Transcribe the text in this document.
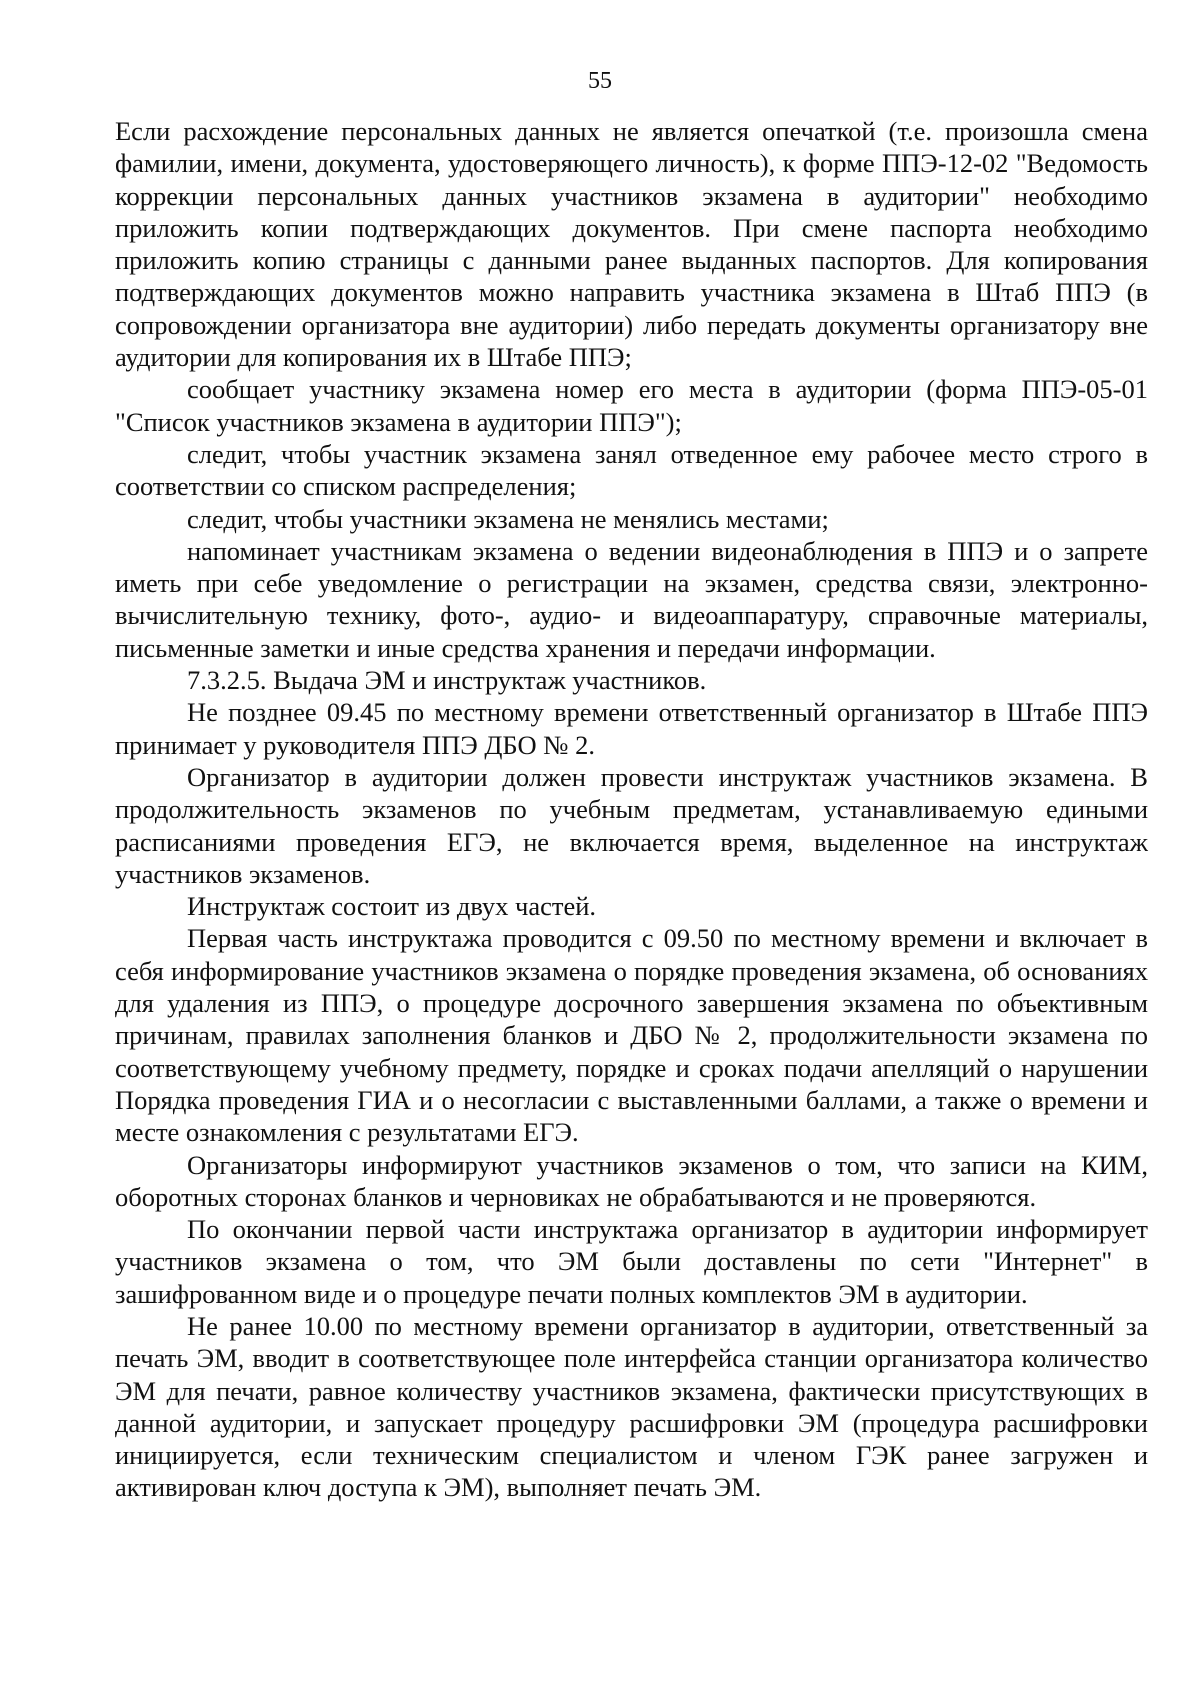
55

Если расхождение персональных данных не является опечаткой (т.е. произошла смена фамилии, имени, документа, удостоверяющего личность), к форме ППЭ-12-02 "Ведомость коррекции персональных данных участников экзамена в аудитории" необходимо приложить копии подтверждающих документов. При смене паспорта необходимо приложить копию страницы с данными ранее выданных паспортов. Для копирования подтверждающих документов можно направить участника экзамена в Штаб ППЭ (в сопровождении организатора вне аудитории) либо передать документы организатору вне аудитории для копирования их в Штабе ППЭ;

сообщает участнику экзамена номер его места в аудитории (форма ППЭ-05-01 "Список участников экзамена в аудитории ППЭ");

следит, чтобы участник экзамена занял отведенное ему рабочее место строго в соответствии со списком распределения;

следит, чтобы участники экзамена не менялись местами;

напоминает участникам экзамена о ведении видеонаблюдения в ППЭ и о запрете иметь при себе уведомление о регистрации на экзамен, средства связи, электронно-вычислительную технику, фото-, аудио- и видеоаппаратуру, справочные материалы, письменные заметки и иные средства хранения и передачи информации.

7.3.2.5. Выдача ЭМ и инструктаж участников.

Не позднее 09.45 по местному времени ответственный организатор в Штабе ППЭ принимает у руководителя ППЭ ДБО № 2.

Организатор в аудитории должен провести инструктаж участников экзамена. В продолжительность экзаменов по учебным предметам, устанавливаемую едиными расписаниями проведения ЕГЭ, не включается время, выделенное на инструктаж участников экзаменов.

Инструктаж состоит из двух частей.

Первая часть инструктажа проводится с 09.50 по местному времени и включает в себя информирование участников экзамена о порядке проведения экзамена, об основаниях для удаления из ППЭ, о процедуре досрочного завершения экзамена по объективным причинам, правилах заполнения бланков и ДБО № 2, продолжительности экзамена по соответствующему учебному предмету, порядке и сроках подачи апелляций о нарушении Порядка проведения ГИА и о несогласии с выставленными баллами, а также о времени и месте ознакомления с результатами ЕГЭ.

Организаторы информируют участников экзаменов о том, что записи на КИМ, оборотных сторонах бланков и черновиках не обрабатываются и не проверяются.

По окончании первой части инструктажа организатор в аудитории информирует участников экзамена о том, что ЭМ были доставлены по сети "Интернет" в зашифрованном виде и о процедуре печати полных комплектов ЭМ в аудитории.

Не ранее 10.00 по местному времени организатор в аудитории, ответственный за печать ЭМ, вводит в соответствующее поле интерфейса станции организатора количество ЭМ для печати, равное количеству участников экзамена, фактически присутствующих в данной аудитории, и запускает процедуру расшифровки ЭМ (процедура расшифровки инициируется, если техническим специалистом и членом ГЭК ранее загружен и активирован ключ доступа к ЭМ), выполняет печать ЭМ.
